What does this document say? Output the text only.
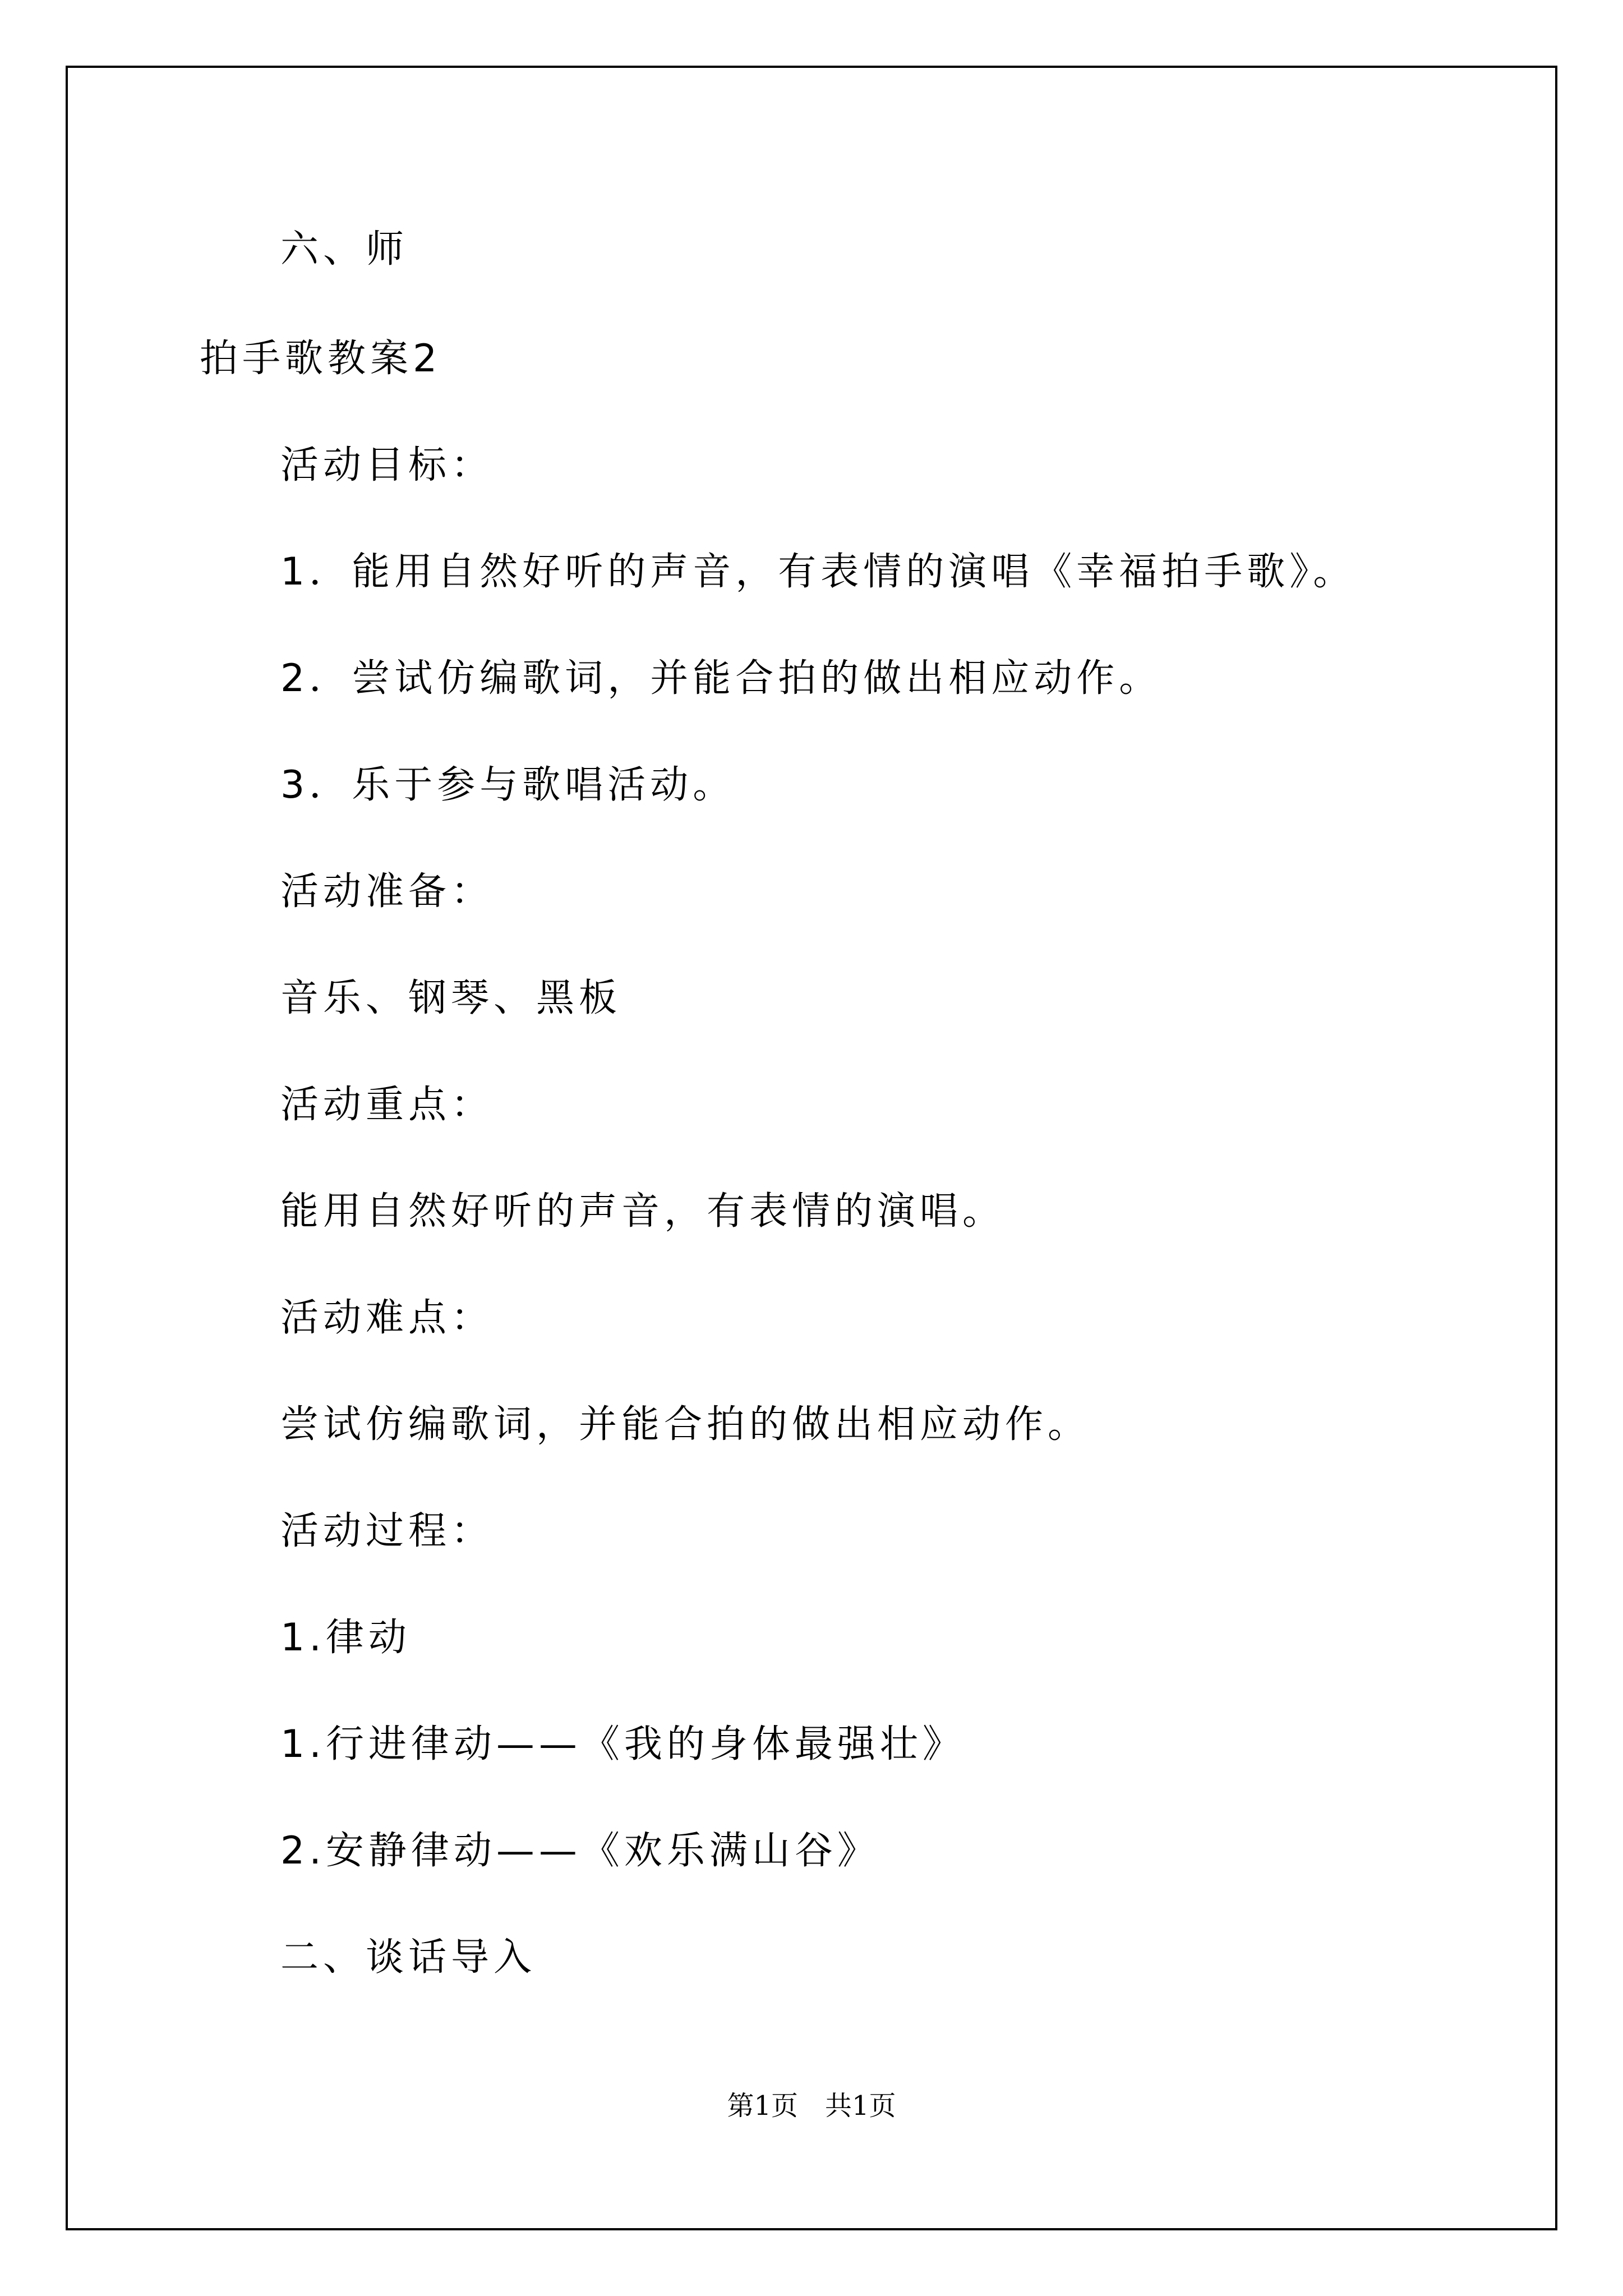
六、师

拍手歌教案2

活动目标：

1．能用自然好听的声音，有表情的演唱《幸福拍手歌》。

2．尝试仿编歌词，并能合拍的做出相应动作。

3．乐于参与歌唱活动。

活动准备：

音乐、钢琴、黑板

活动重点：

能用自然好听的声音，有表情的演唱。

活动难点：

尝试仿编歌词，并能合拍的做出相应动作。

活动过程：

1.律动

1.行进律动——《我的身体最强壮》

2.安静律动——《欢乐满山谷》

二、谈话导入

第1页　共1页
